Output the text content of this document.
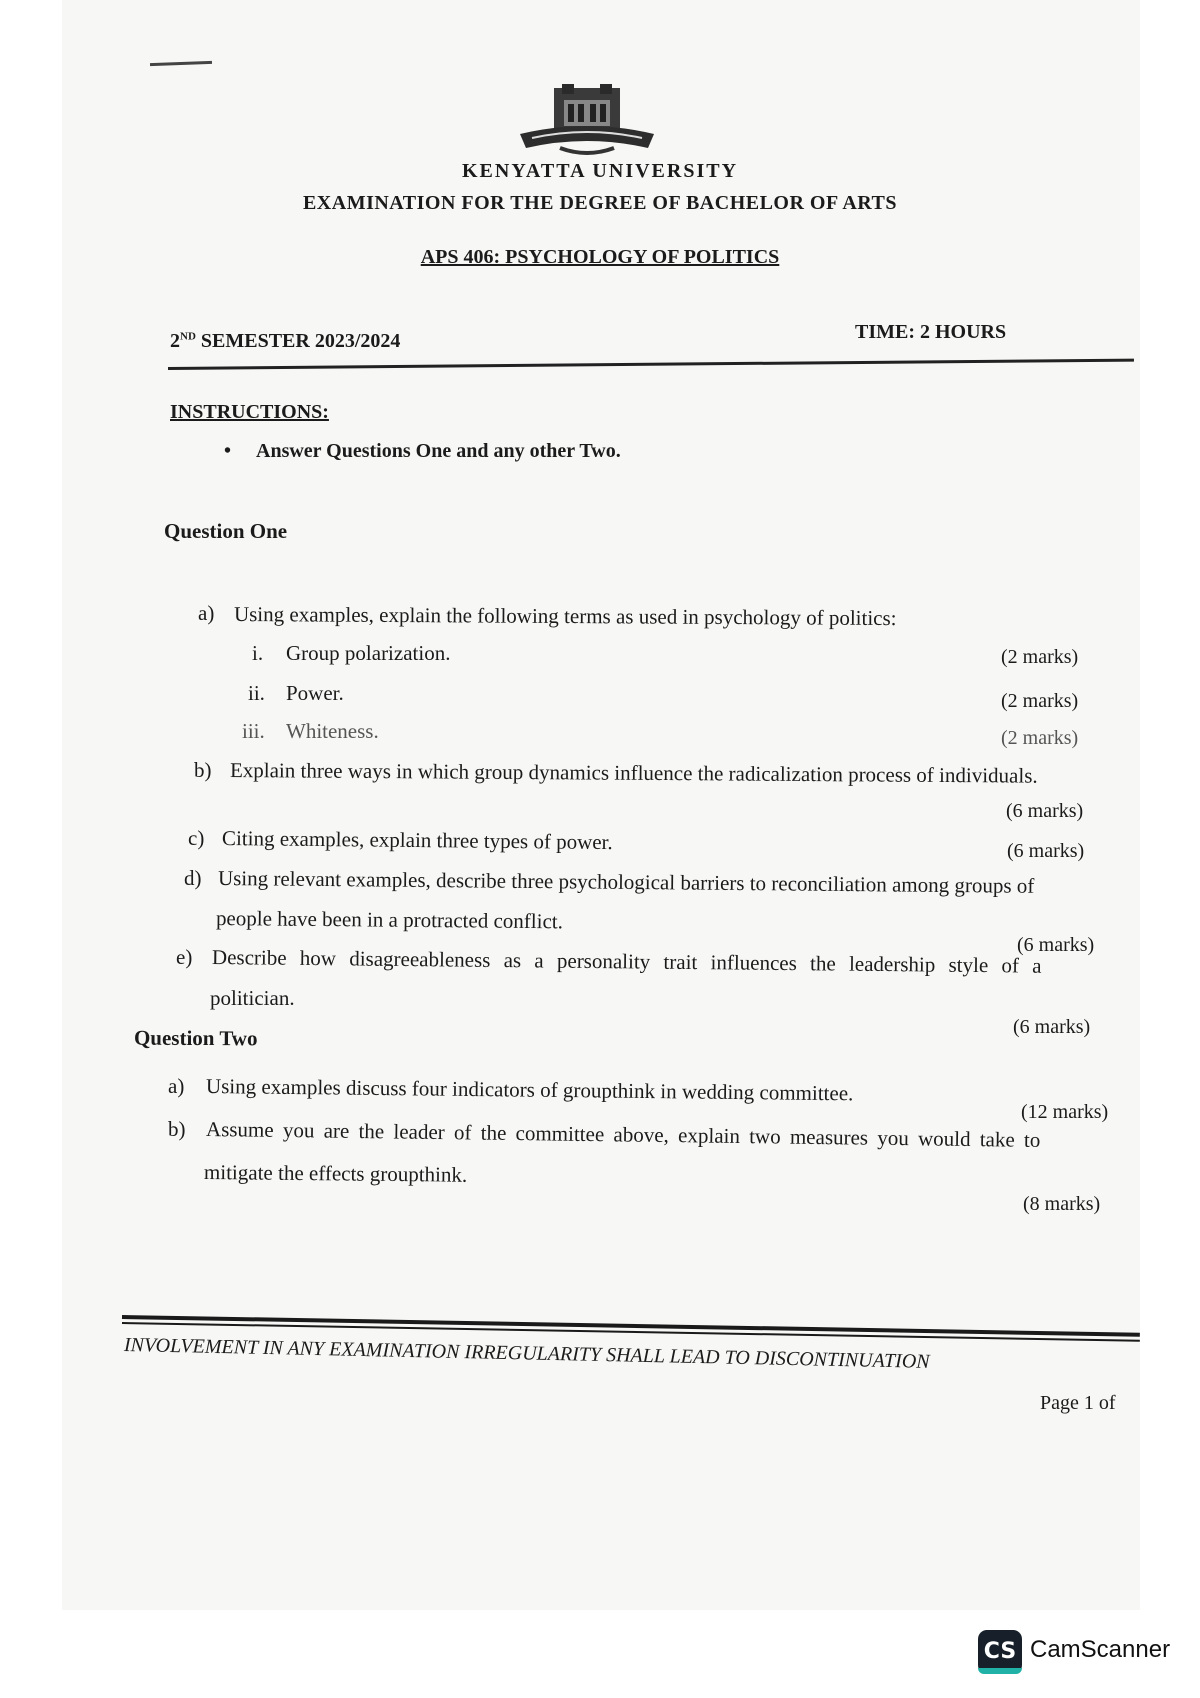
KENYATTA UNIVERSITY
EXAMINATION FOR THE DEGREE OF BACHELOR OF ARTS
APS 406: PSYCHOLOGY OF POLITICS
2ND SEMESTER 2023/2024	TIME: 2 HOURS
INSTRUCTIONS:
• Answer Questions One and any other Two.
Question One
a) Using examples, explain the following terms as used in psychology of politics:
i. Group polarization.	(2 marks)
ii. Power.	(2 marks)
iii. Whiteness.	(2 marks)
b) Explain three ways in which group dynamics influence the radicalization process of individuals.
(6 marks)
c) Citing examples, explain three types of power.	(6 marks)
d) Using relevant examples, describe three psychological barriers to reconciliation among groups of
people have been in a protracted conflict.
(6 marks)
e) Describe how disagreeableness as a personality trait influences the leadership style of a
politician.
(6 marks)
Question Two
a) Using examples discuss four indicators of groupthink in wedding committee.
(12 marks)
b) Assume you are the leader of the committee above, explain two measures you would take to
mitigate the effects groupthink.
(8 marks)
INVOLVEMENT IN ANY EXAMINATION IRREGULARITY SHALL LEAD TO DISCONTINUATION
Page 1 of
CS CamScanner
